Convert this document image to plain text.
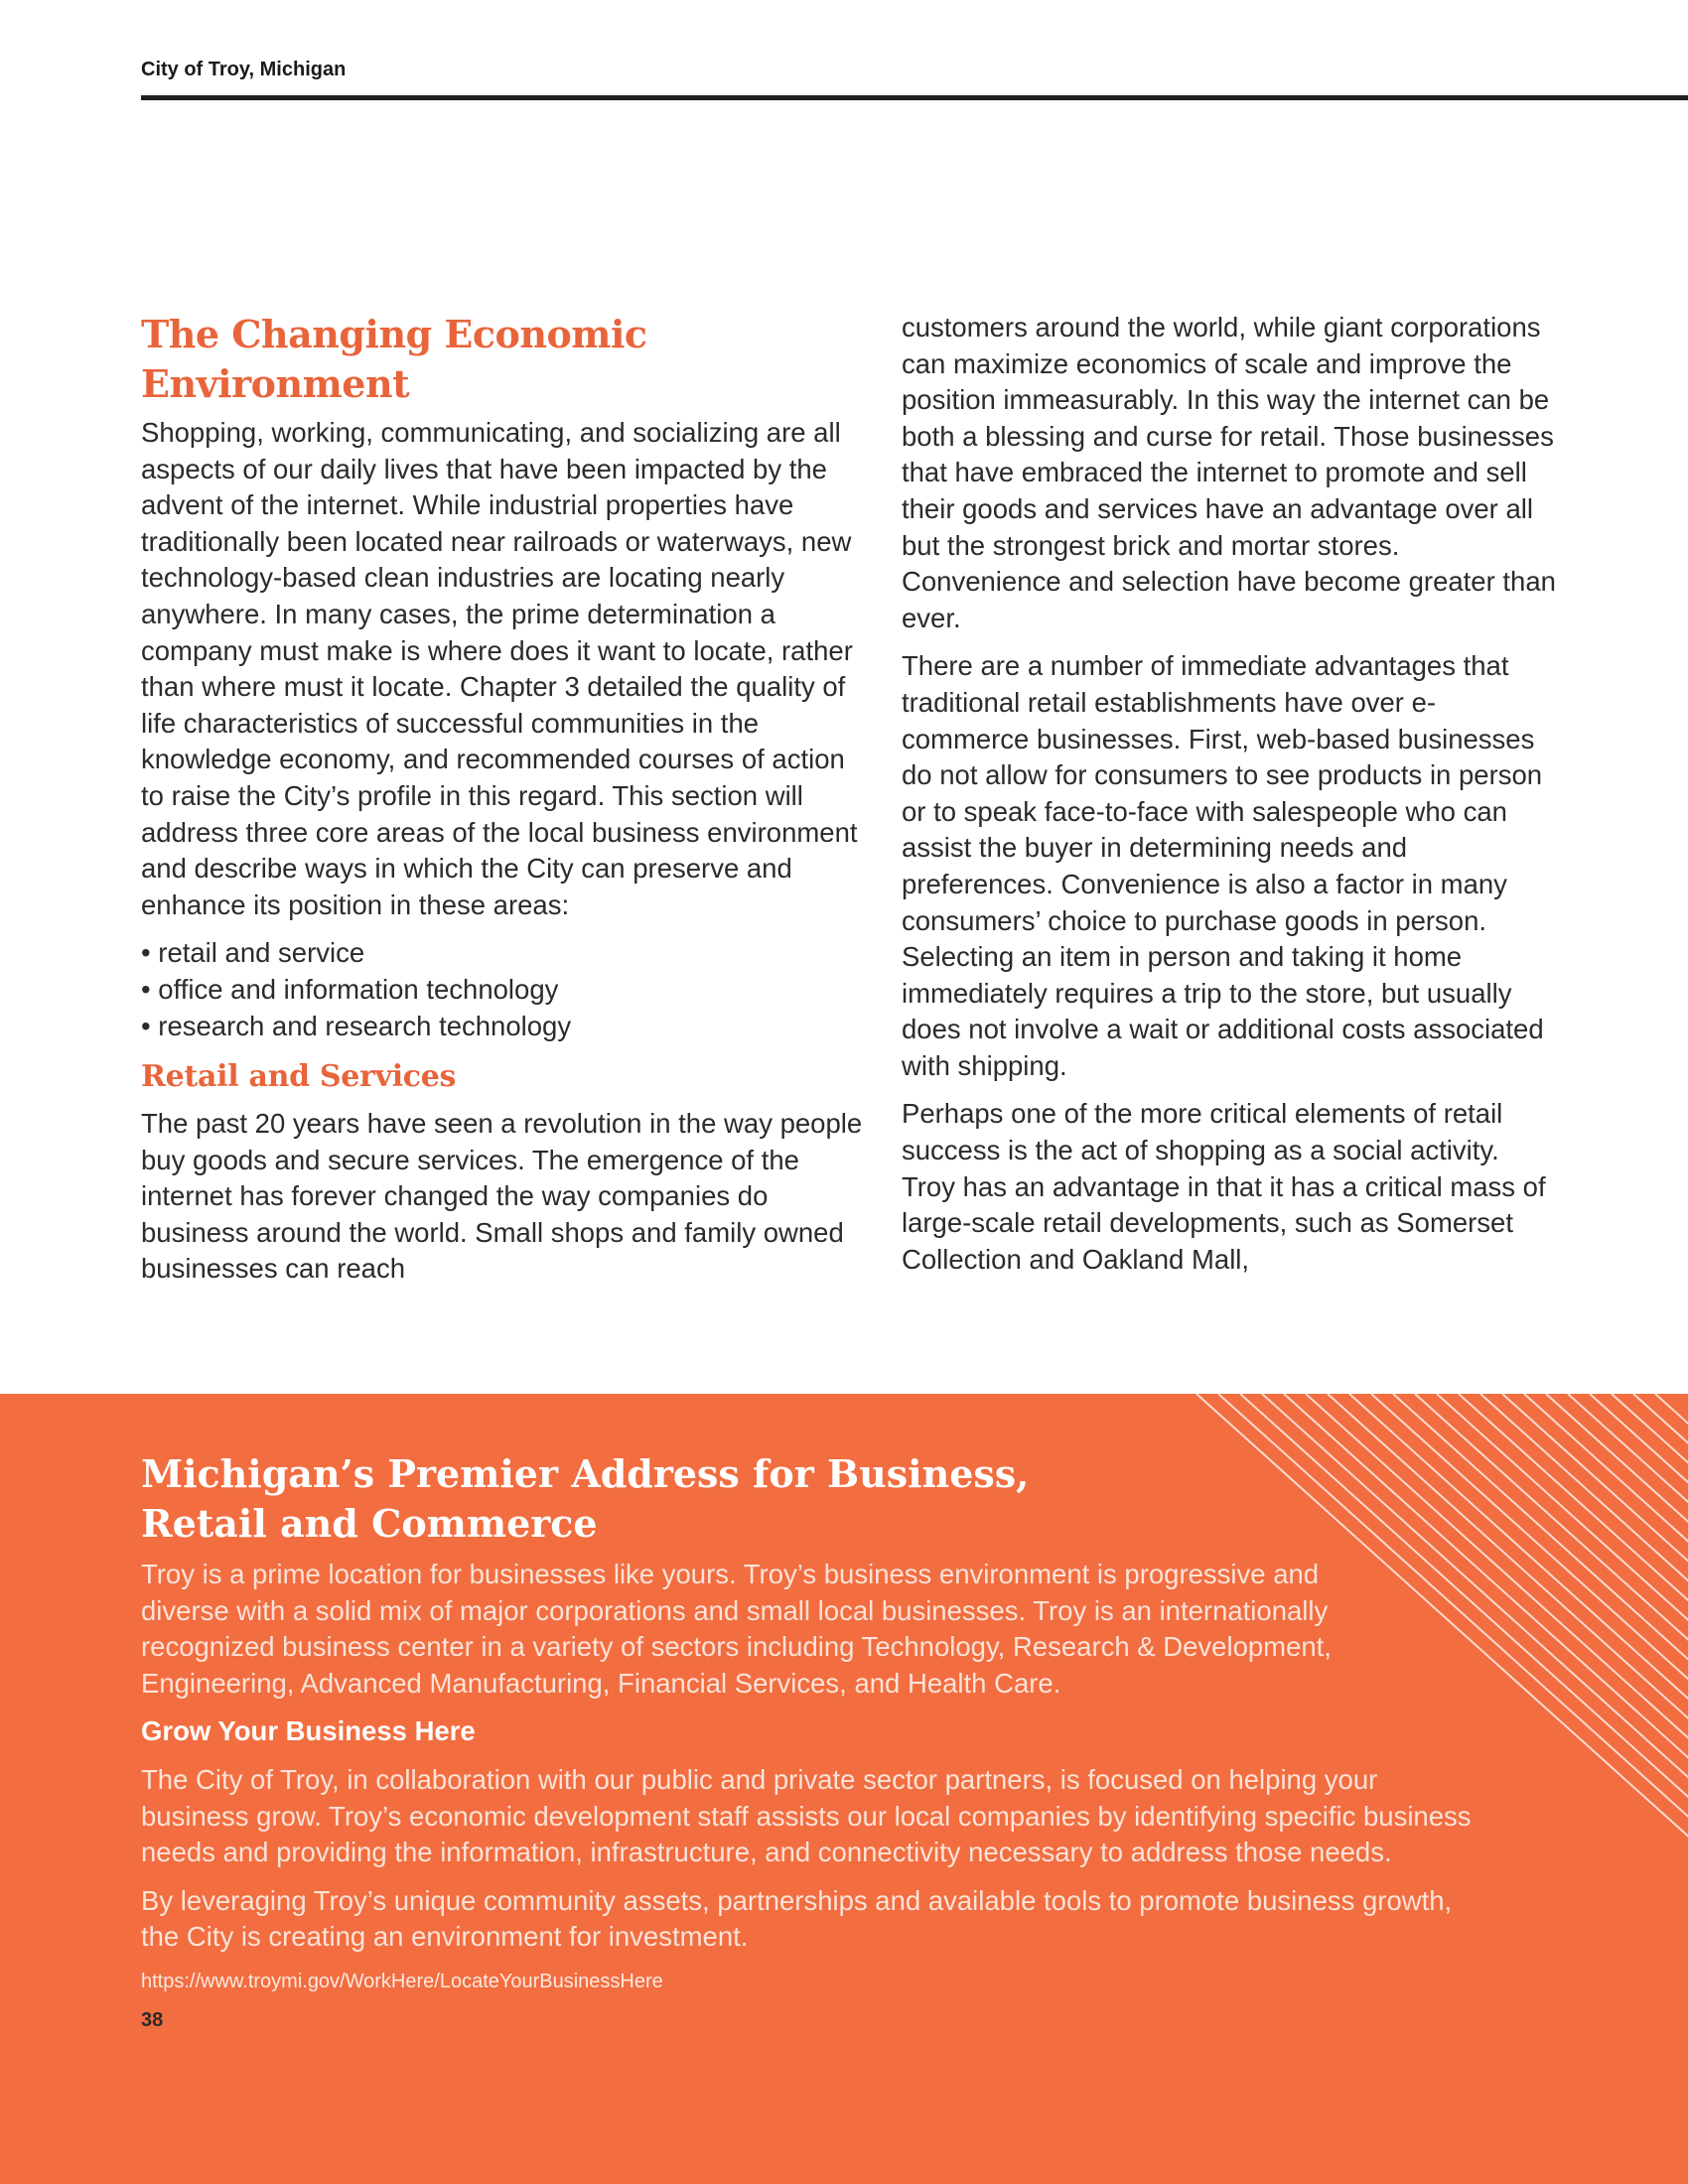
City of Troy, Michigan
The Changing Economic
Environment

Shopping, working, communicating, and socializing are all aspects of our daily lives that have been impacted by the advent of the internet. While industrial properties have traditionally been located near railroads or waterways, new technology-based clean industries are locating nearly anywhere. In many cases, the prime determination a company must make is where does it want to locate, rather than where must it locate. Chapter 3 detailed the quality of life characteristics of successful communities in the knowledge economy, and recommended courses of action to raise the City’s profile in this regard. This section will address three core areas of the local business environment and describe ways in which the City can preserve and enhance its position in these areas:

• retail and service
• office and information technology
• research and research technology
Retail and Services

The past 20 years have seen a revolution in the way people buy goods and secure services. The emergence of the internet has forever changed the way companies do business around the world. Small shops and family owned businesses can reach

customers around the world, while giant corporations can maximize economics of scale and improve the position immeasurably. In this way the internet can be both a blessing and curse for retail. Those businesses that have embraced the internet to promote and sell their goods and services have an advantage over all but the strongest brick and mortar stores. Convenience and selection have become greater than ever.

There are a number of immediate advantages that traditional retail establishments have over e-commerce businesses. First, web-based businesses do not allow for consumers to see products in person or to speak face-to-face with salespeople who can assist the buyer in determining needs and preferences. Convenience is also a factor in many consumers’ choice to purchase goods in person. Selecting an item in person and taking it home immediately requires a trip to the store, but usually does not involve a wait or additional costs associated with shipping.

Perhaps one of the more critical elements of retail success is the act of shopping as a social activity. Troy has an advantage in that it has a critical mass of large-scale retail developments, such as Somerset Collection and Oakland Mall,

Michigan’s Premier Address for Business,
Retail and Commerce

Troy is a prime location for businesses like yours. Troy’s business environment is progressive and diverse with a solid mix of major corporations and small local businesses. Troy is an internationally recognized business center in a variety of sectors including Technology, Research & Development, Engineering, Advanced Manufacturing, Financial Services, and Health Care.

Grow Your Business Here

The City of Troy, in collaboration with our public and private sector partners, is focused on helping your business grow. Troy’s economic development staff assists our local companies by identifying specific business needs and providing the information, infrastructure, and connectivity necessary to address those needs.

By leveraging Troy’s unique community assets, partnerships and available tools to promote business growth, the City is creating an environment for investment.

https://www.troymi.gov/WorkHere/LocateYourBusinessHere
38
